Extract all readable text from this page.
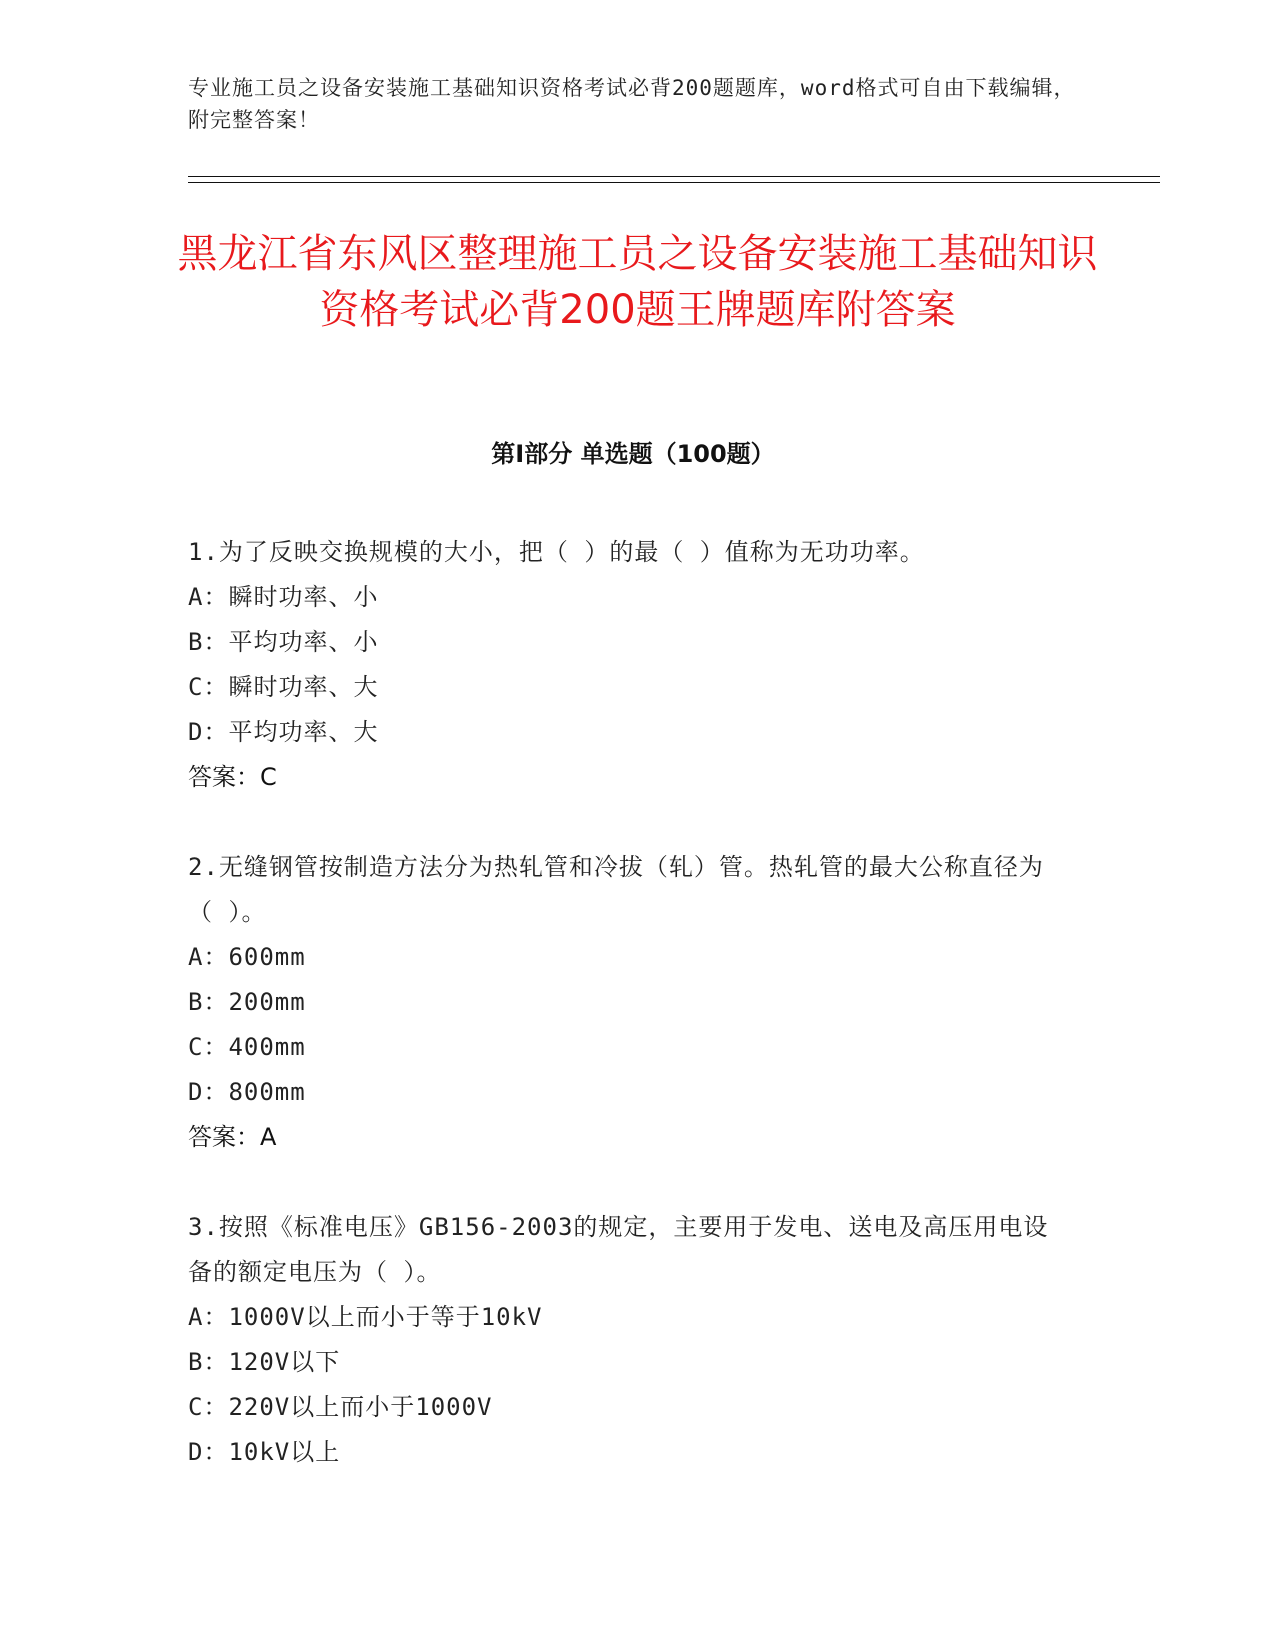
专业施工员之设备安装施工基础知识资格考试必背200题题库，word格式可自由下载编辑，附完整答案！
黑龙江省东风区整理施工员之设备安装施工基础知识资格考试必背200题王牌题库附答案
第I部分 单选题（100题）
1.为了反映交换规模的大小，把（ ）的最（ ）值称为无功功率。
A：瞬时功率、小
B：平均功率、小
C：瞬时功率、大
D：平均功率、大
答案：C
2.无缝钢管按制造方法分为热轧管和冷拔（轧）管。热轧管的最大公称直径为（ ）。
A：600mm
B：200mm
C：400mm
D：800mm
答案：A
3.按照《标准电压》GB156-2003的规定，主要用于发电、送电及高压用电设备的额定电压为（ ）。
A：1000V以上而小于等于10kV
B：120V以下
C：220V以上而小于1000V
D：10kV以上
